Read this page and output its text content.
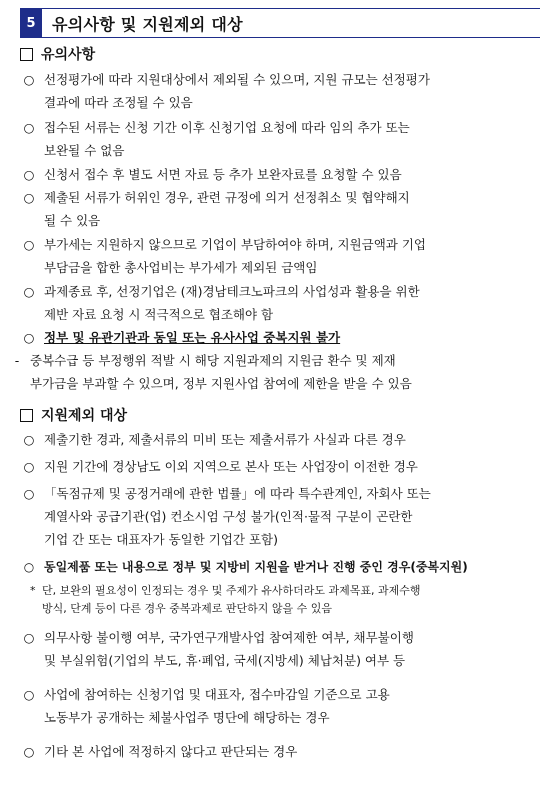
5	유의사항 및 지원제외 대상
유의사항
○ 선정평가에 따라 지원대상에서 제외될 수 있으며, 지원 규모는 선정평가
결과에 따라 조정될 수 있음
○ 접수된 서류는 신청 기간 이후 신청기업 요청에 따라 임의 추가 또는
보완될 수 없음
○ 신청서 접수 후 별도 서면 자료 등 추가 보완자료를 요청할 수 있음
○ 제출된 서류가 허위인 경우, 관련 규정에 의거 선정취소 및 협약해지
될 수 있음
○ 부가세는 지원하지 않으므로 기업이 부담하여야 하며, 지원금액과 기업
부담금을 합한 총사업비는 부가세가 제외된 금액임
○ 과제종료 후, 선정기업은 (재)경남테크노파크의 사업성과 활용을 위한
제반 자료 요청 시 적극적으로 협조해야 함
○ 정부 및 유관기관과 동일 또는 유사사업 중복지원 불가
- 중복수급 등 부정행위 적발 시 해당 지원과제의 지원금 환수 및 제재
부가금을 부과할 수 있으며, 정부 지원사업 참여에 제한을 받을 수 있음
지원제외 대상
○ 제출기한 경과, 제출서류의 미비 또는 제출서류가 사실과 다른 경우
○ 지원 기간에 경상남도 이외 지역으로 본사 또는 사업장이 이전한 경우
○ 「독점규제 및 공정거래에 관한 법률」에 따라 특수관계인, 자회사 또는
계열사와 공급기관(업) 컨소시엄 구성 불가(인적·물적 구분이 곤란한
기업 간 또는 대표자가 동일한 기업간 포함)
○ 동일제품 또는 내용으로 정부 및 지방비 지원을 받거나 진행 중인 경우(중복지원)
* 단, 보완의 필요성이 인정되는 경우 및 주제가 유사하더라도 과제목표, 과제수행
방식, 단계 등이 다른 경우 중복과제로 판단하지 않을 수 있음
○ 의무사항 불이행 여부, 국가연구개발사업 참여제한 여부, 채무불이행
및 부실위험(기업의 부도, 휴·폐업, 국세(지방세) 체납처분) 여부 등
○ 사업에 참여하는 신청기업 및 대표자, 접수마감일 기준으로 고용
노동부가 공개하는 체불사업주 명단에 해당하는 경우
○ 기타 본 사업에 적정하지 않다고 판단되는 경우
